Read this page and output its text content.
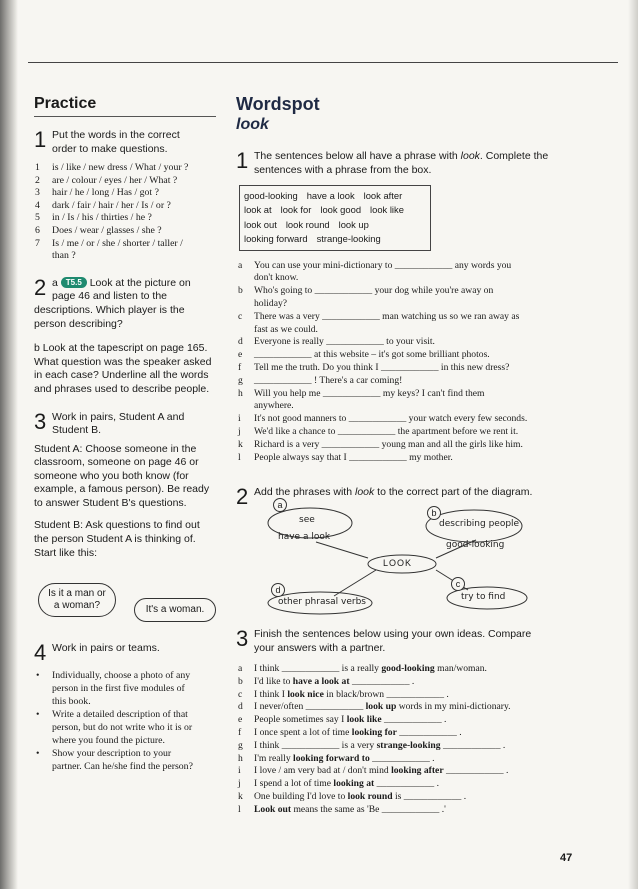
Practice
1 Put the words in the correct
order to make questions.
1 is / like / new dress / What / your ?
2 are / colour / eyes / her / What ?
3 hair / he / long / Has / got ?
4 dark / fair / hair / her / Is / or ?
5 in / Is / his / thirties / he ?
6 Does / wear / glasses / she ?
7 Is / me / or / she / shorter / taller /
than ?
2 a T5.5 Look at the picture on
page 46 and listen to the
descriptions. Which player is the
person describing?
b Look at the tapescript on page 165.
What question was the speaker asked
in each case? Underline all the words
and phrases used to describe people.
3 Work in pairs, Student A and
Student B.
Student A: Choose someone in the
classroom, someone on page 46 or
someone who you both know (for
example, a famous person). Be ready
to answer Student B's questions.
Student B: Ask questions to find out
the person Student A is thinking of.
Start like this:
Is it a man or
a woman?	It's a woman.
4 Work in pairs or teams.
• Individually, choose a photo of any
person in the first five modules of
this book.
• Write a detailed description of that
person, but do not write who it is or
where you found the picture.
• Show your description to your
partner. Can he/she find the person?
Wordspot
look
1 The sentences below all have a phrase with look. Complete the
sentences with a phrase from the box.
good-looking have a look look after
look at look for look good look like
look out look round look up
looking forward strange-looking
a You can use your mini-dictionary to ____________ any words you
don't know.
b Who's going to ____________ your dog while you're away on
holiday?
c There was a very ____________ man watching us so we ran away as
fast as we could.
d Everyone is really ____________ to your visit.
e ____________ at this website – it's got some brilliant photos.
f Tell me the truth. Do you think I ____________ in this new dress?
g ____________ ! There's a car coming!
h Will you help me ____________ my keys? I can't find them
anywhere.
i It's not good manners to ____________ your watch every few seconds.
j We'd like a chance to ____________ the apartment before we rent it.
k Richard is a very ____________ young man and all the girls like him.
l People always say that I ____________ my mother.
2 Add the phrases with look to the correct part of the diagram.
a
b
c
d
see
have a look
describing people
good-looking
LOOK
try to find
other phrasal verbs
3 Finish the sentences below using your own ideas. Compare
your answers with a partner.
a I think ____________ is a really good-looking man/woman.
b I'd like to have a look at ____________ .
c I think I look nice in black/brown ____________ .
d I never/often ____________ look up words in my mini-dictionary.
e People sometimes say I look like ____________ .
f I once spent a lot of time looking for ____________ .
g I think ____________ is a very strange-looking ____________ .
h I'm really looking forward to ____________ .
i I love / am very bad at / don't mind looking after ____________ .
j I spend a lot of time looking at ____________ .
k One building I'd love to look round is ____________ .
l Look out means the same as 'Be ____________ .'
47
